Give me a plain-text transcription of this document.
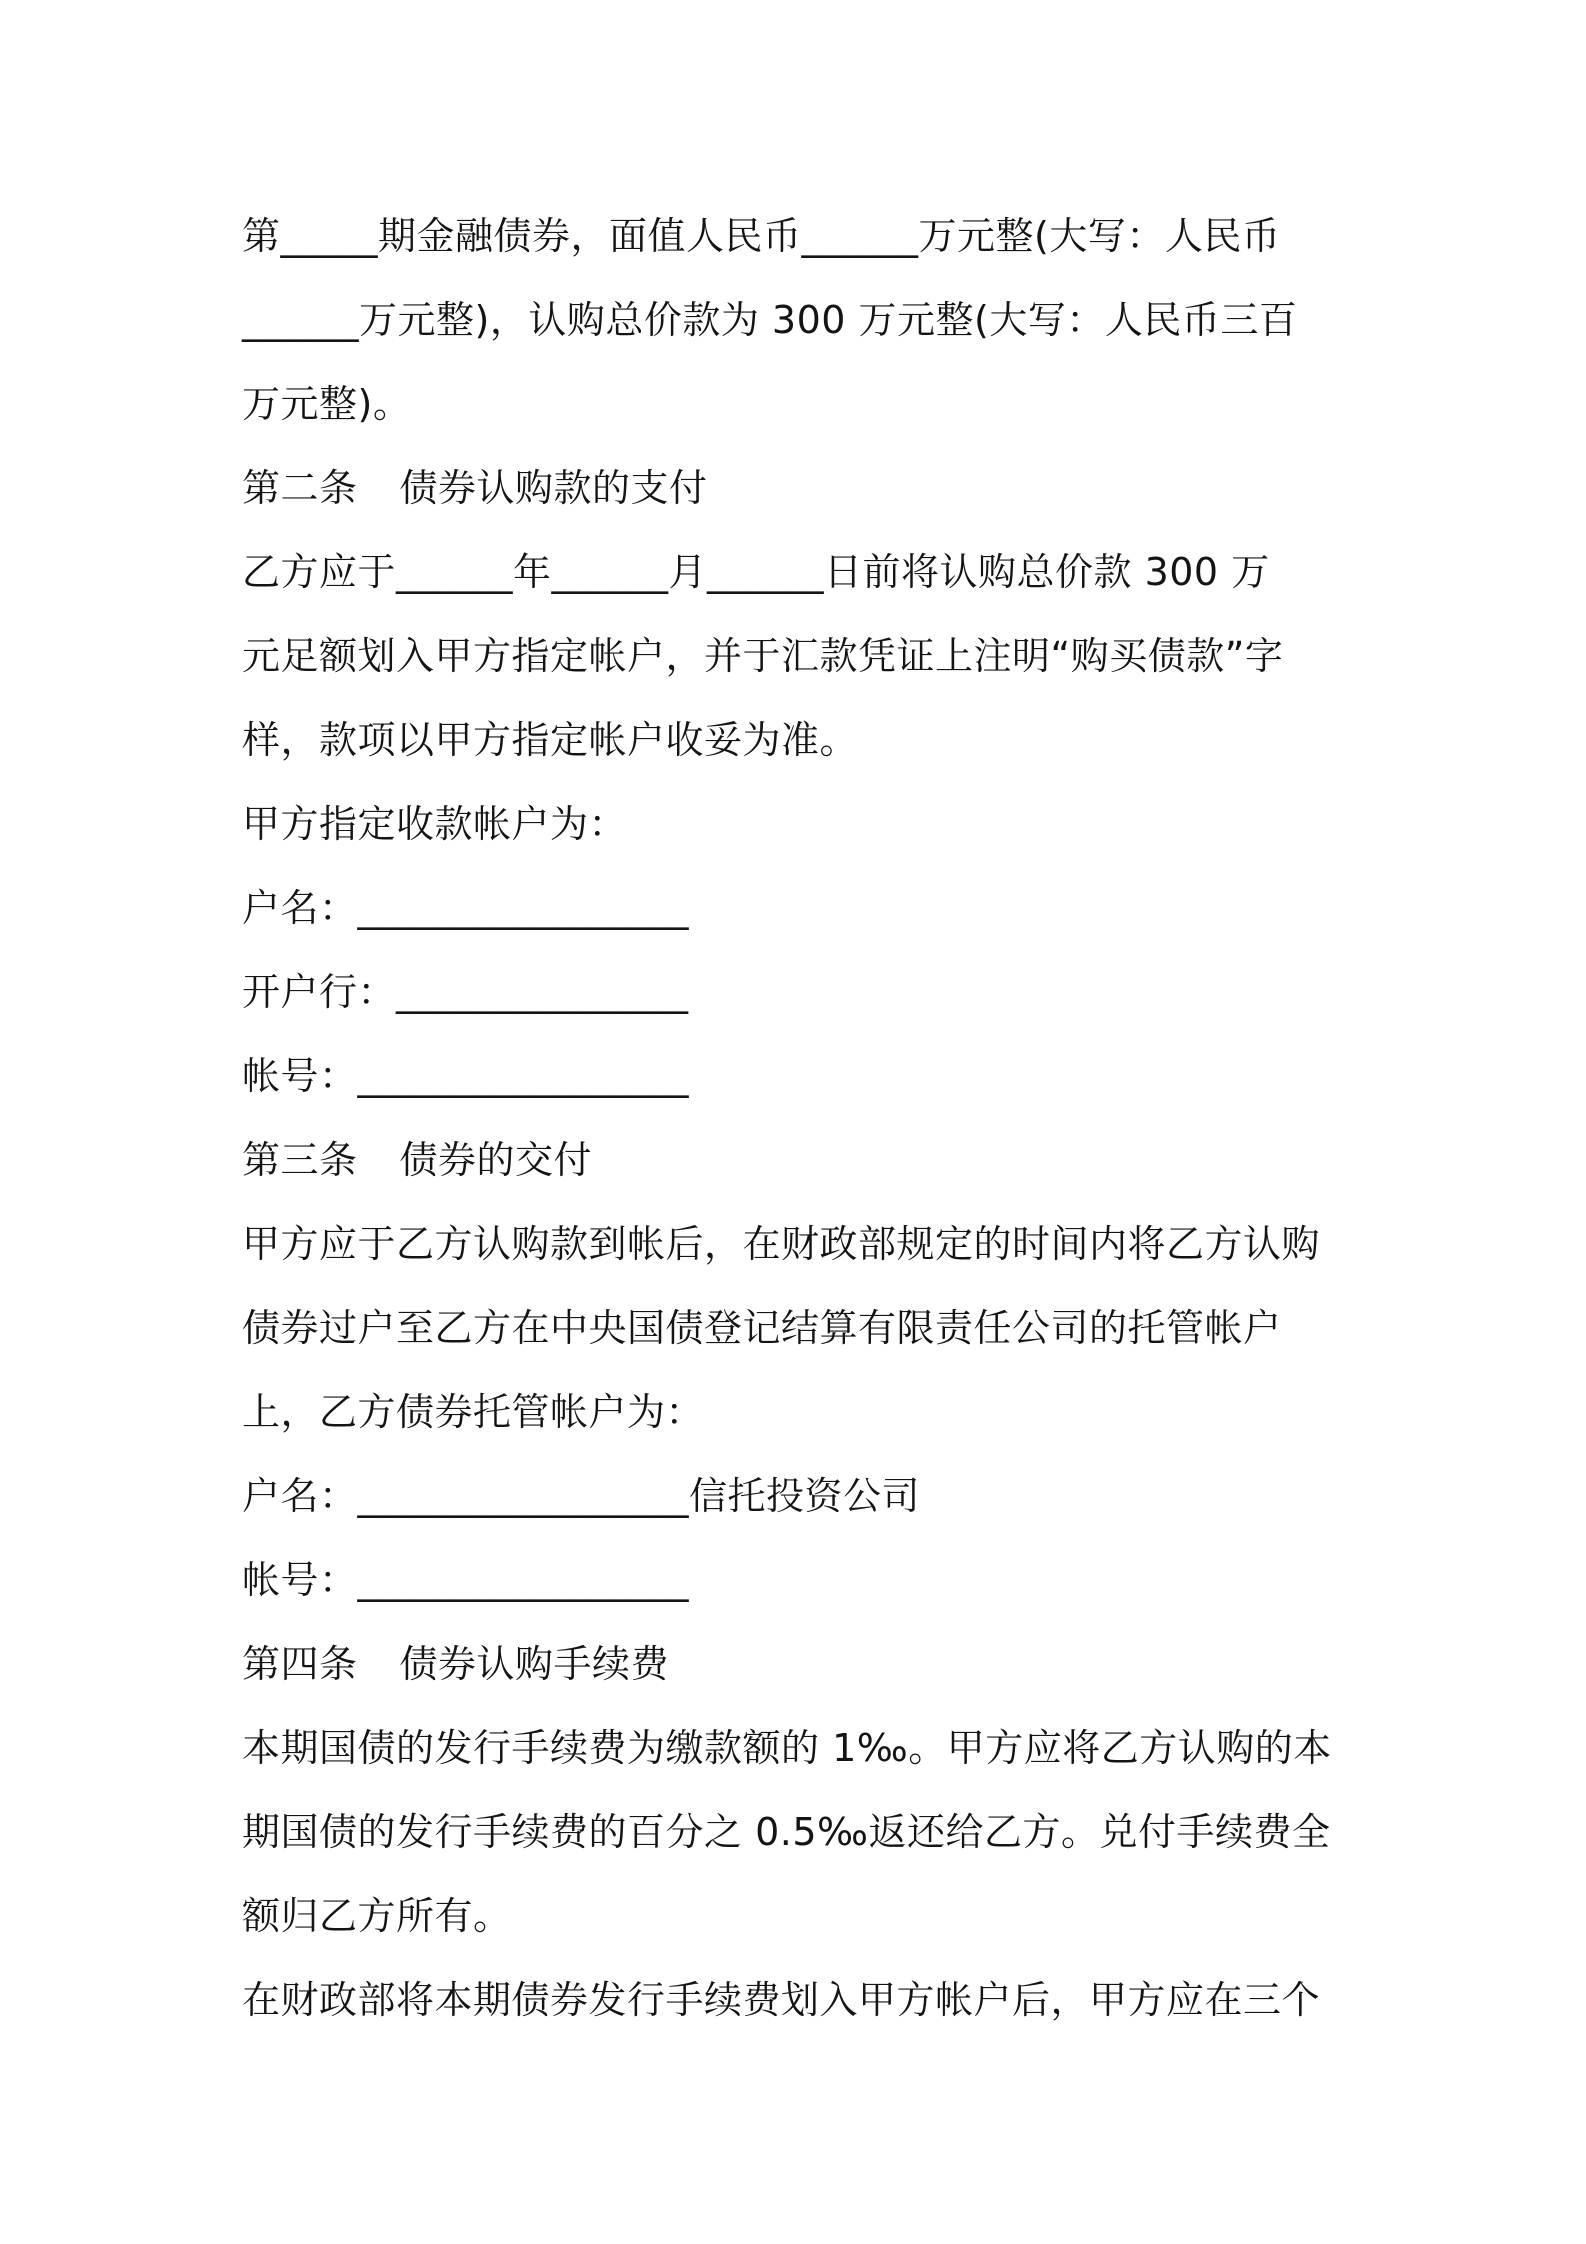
第_____期金融债券，面值人民币______万元整(大写：人民币
______万元整)，认购总价款为 300 万元整(大写：人民币三百
万元整)。
第二条 债券认购款的支付
乙方应于______年______月______日前将认购总价款 300 万
元足额划入甲方指定帐户，并于汇款凭证上注明“购买债款”字
样，款项以甲方指定帐户收妥为准。
甲方指定收款帐户为：
户名：_________________
开户行：_______________
帐号：_________________
第三条 债券的交付
甲方应于乙方认购款到帐后，在财政部规定的时间内将乙方认购
债券过户至乙方在中央国债登记结算有限责任公司的托管帐户
上，乙方债券托管帐户为：
户名：_________________信托投资公司
帐号：_________________
第四条 债券认购手续费
本期国债的发行手续费为缴款额的 1‰。甲方应将乙方认购的本
期国债的发行手续费的百分之 0.5‰返还给乙方。兑付手续费全
额归乙方所有。
在财政部将本期债券发行手续费划入甲方帐户后，甲方应在三个
